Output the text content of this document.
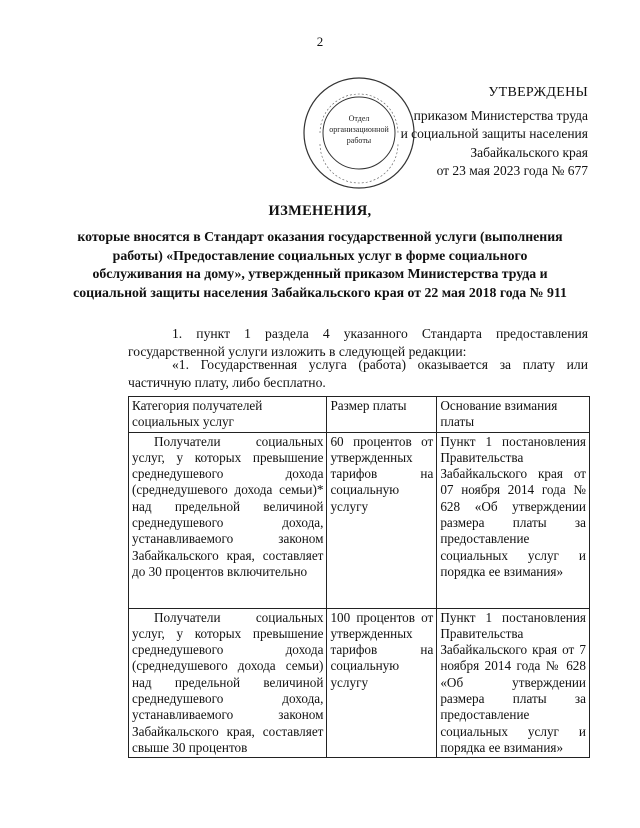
2
Отдел
организационной
работы
УТВЕРЖДЕНЫ
приказом Министерства труда
и социальной защиты населения
Забайкальского края
от 23 мая 2023 года № 677
ИЗМЕНЕНИЯ,
которые вносятся в Стандарт оказания государственной услуги (выполнения работы) «Предоставление социальных услуг в форме социального обслуживания на дому», утвержденный приказом Министерства труда и социальной защиты населения Забайкальского края от 22 мая 2018 года № 911
1. пункт 1 раздела 4 указанного Стандарта предоставления государственной услуги изложить в следующей редакции:
«1. Государственная услуга (работа) оказывается за плату или частичную плату, либо бесплатно.
Категория получателей социальных услуг	Размер платы	Основание взимания платы
Получатели социальных услуг, у которых превышение среднедушевого дохода (среднедушевого дохода семьи)* над предельной величиной среднедушевого дохода, устанавливаемого законом Забайкальского края, составляет до 30 процентов включительно	60 процентов от утвержденных тарифов на социальную услугу	Пункт 1 постановления Правительства Забайкальского края от 07 ноября 2014 года № 628 «Об утверждении размера платы за предоставление социальных услуг и порядка ее взимания»
Получатели социальных услуг, у которых превышение среднедушевого дохода (среднедушевого дохода семьи) над предельной величиной среднедушевого дохода, устанавливаемого законом Забайкальского края, составляет свыше 30 процентов	100 процентов от утвержденных тарифов на социальную услугу	Пункт 1 постановления Правительства Забайкальского края от 7 ноября 2014 года № 628 «Об утверждении размера платы за предоставление социальных услуг и порядка ее взимания»
